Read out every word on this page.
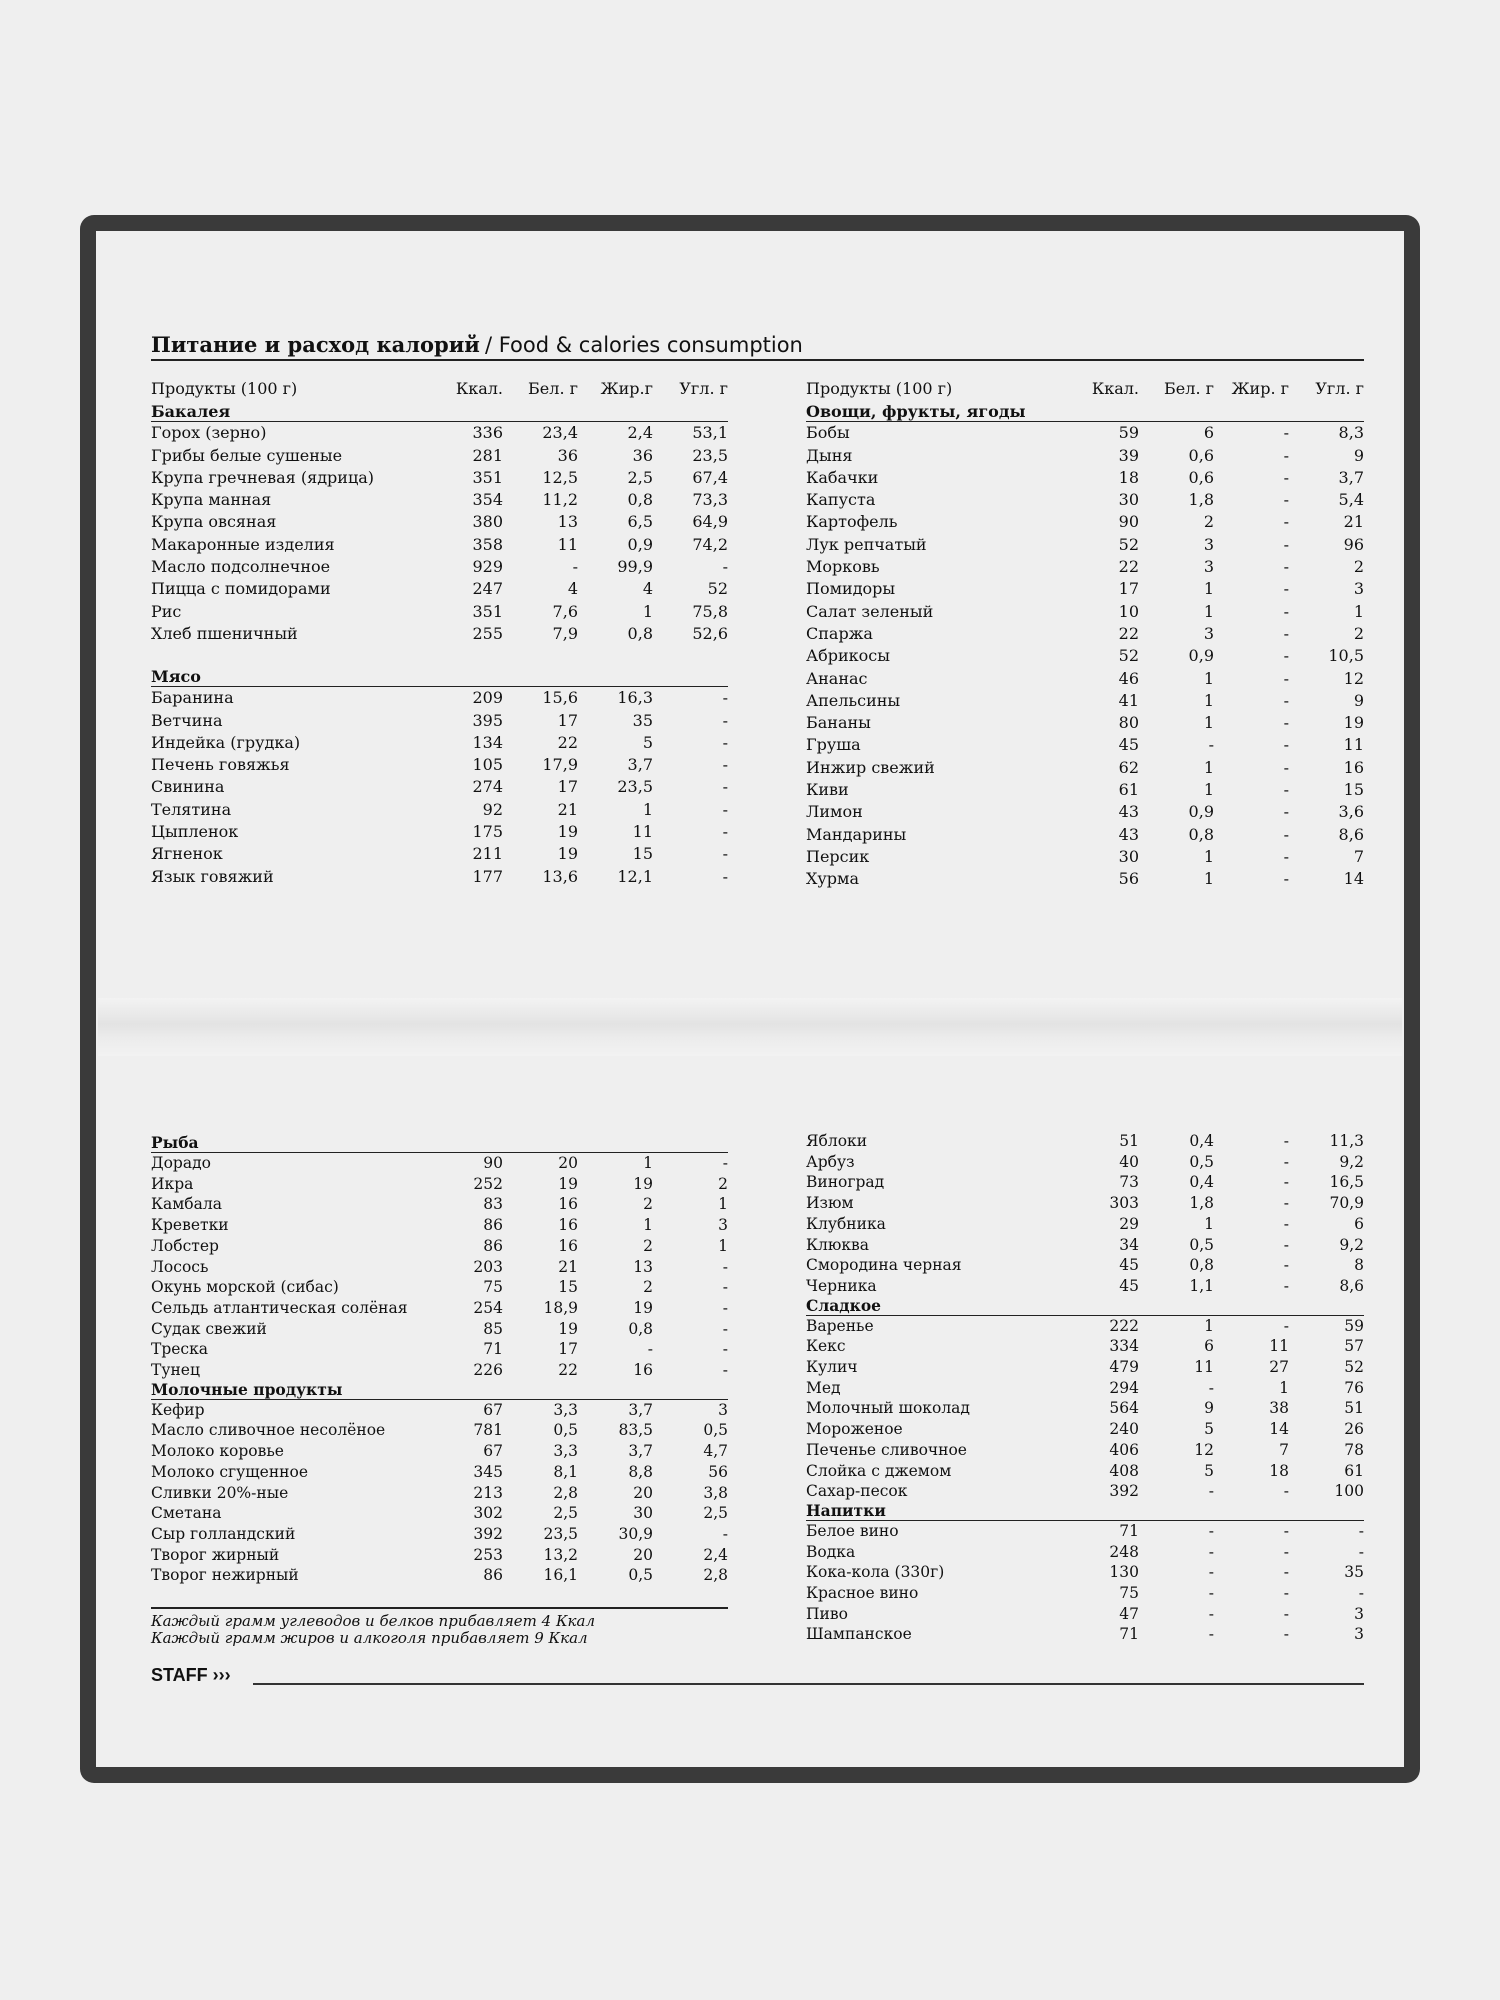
Питание и расход калорий / Food & calories consumption
Продукты (100 г)	Ккал.	Бел. г	Жир.г	Угл. г
Бакалея
Горох (зерно)	336	23,4	2,4	53,1
Грибы белые сушеные	281	36	36	23,5
Крупа гречневая (ядрица)	351	12,5	2,5	67,4
Крупа манная	354	11,2	0,8	73,3
Крупа овсяная	380	13	6,5	64,9
Макаронные изделия	358	11	0,9	74,2
Масло подсолнечное	929	-	99,9	-
Пицца с помидорами	247	4	4	52
Рис	351	7,6	1	75,8
Хлеб пшеничный	255	7,9	0,8	52,6
Мясо
Баранина	209	15,6	16,3	-
Ветчина	395	17	35	-
Индейка (грудка)	134	22	5	-
Печень говяжья	105	17,9	3,7	-
Свинина	274	17	23,5	-
Телятина	92	21	1	-
Цыпленок	175	19	11	-
Ягненок	211	19	15	-
Язык говяжий	177	13,6	12,1	-
Продукты (100 г)	Ккал.	Бел. г	Жир. г	Угл. г
Овощи, фрукты, ягоды
Бобы	59	6	-	8,3
Дыня	39	0,6	-	9
Кабачки	18	0,6	-	3,7
Капуста	30	1,8	-	5,4
Картофель	90	2	-	21
Лук репчатый	52	3	-	96
Морковь	22	3	-	2
Помидоры	17	1	-	3
Салат зеленый	10	1	-	1
Спаржа	22	3	-	2
Абрикосы	52	0,9	-	10,5
Ананас	46	1	-	12
Апельсины	41	1	-	9
Бананы	80	1	-	19
Груша	45	-	-	11
Инжир свежий	62	1	-	16
Киви	61	1	-	15
Лимон	43	0,9	-	3,6
Мандарины	43	0,8	-	8,6
Персик	30	1	-	7
Хурма	56	1	-	14
Рыба
Дорадо	90	20	1	-
Икра	252	19	19	2
Камбала	83	16	2	1
Креветки	86	16	1	3
Лобстер	86	16	2	1
Лосось	203	21	13	-
Окунь морской (сибас)	75	15	2	-
Сельдь атлантическая солёная	254	18,9	19	-
Судак свежий	85	19	0,8	-
Треска	71	17	-	-
Тунец	226	22	16	-
Молочные продукты
Кефир	67	3,3	3,7	3
Масло сливочное несолёное	781	0,5	83,5	0,5
Молоко коровье	67	3,3	3,7	4,7
Молоко сгущенное	345	8,1	8,8	56
Сливки 20%-ные	213	2,8	20	3,8
Сметана	302	2,5	30	2,5
Сыр голландский	392	23,5	30,9	-
Творог жирный	253	13,2	20	2,4
Творог нежирный	86	16,1	0,5	2,8
Яблоки	51	0,4	-	11,3
Арбуз	40	0,5	-	9,2
Виноград	73	0,4	-	16,5
Изюм	303	1,8	-	70,9
Клубника	29	1	-	6
Клюква	34	0,5	-	9,2
Смородина черная	45	0,8	-	8
Черника	45	1,1	-	8,6
Сладкое
Варенье	222	1	-	59
Кекс	334	6	11	57
Кулич	479	11	27	52
Мед	294	-	1	76
Молочный шоколад	564	9	38	51
Мороженое	240	5	14	26
Печенье сливочное	406	12	7	78
Слойка с джемом	408	5	18	61
Сахар-песок	392	-	-	100
Напитки
Белое вино	71	-	-	-
Водка	248	-	-	-
Кока-кола (330г)	130	-	-	35
Красное вино	75	-	-	-
Пиво	47	-	-	3
Шампанское	71	-	-	3
Каждый грамм углеводов и белков прибавляет 4 Ккал
Каждый грамм жиров и алкоголя прибавляет 9 Ккал
STAFF ›››
